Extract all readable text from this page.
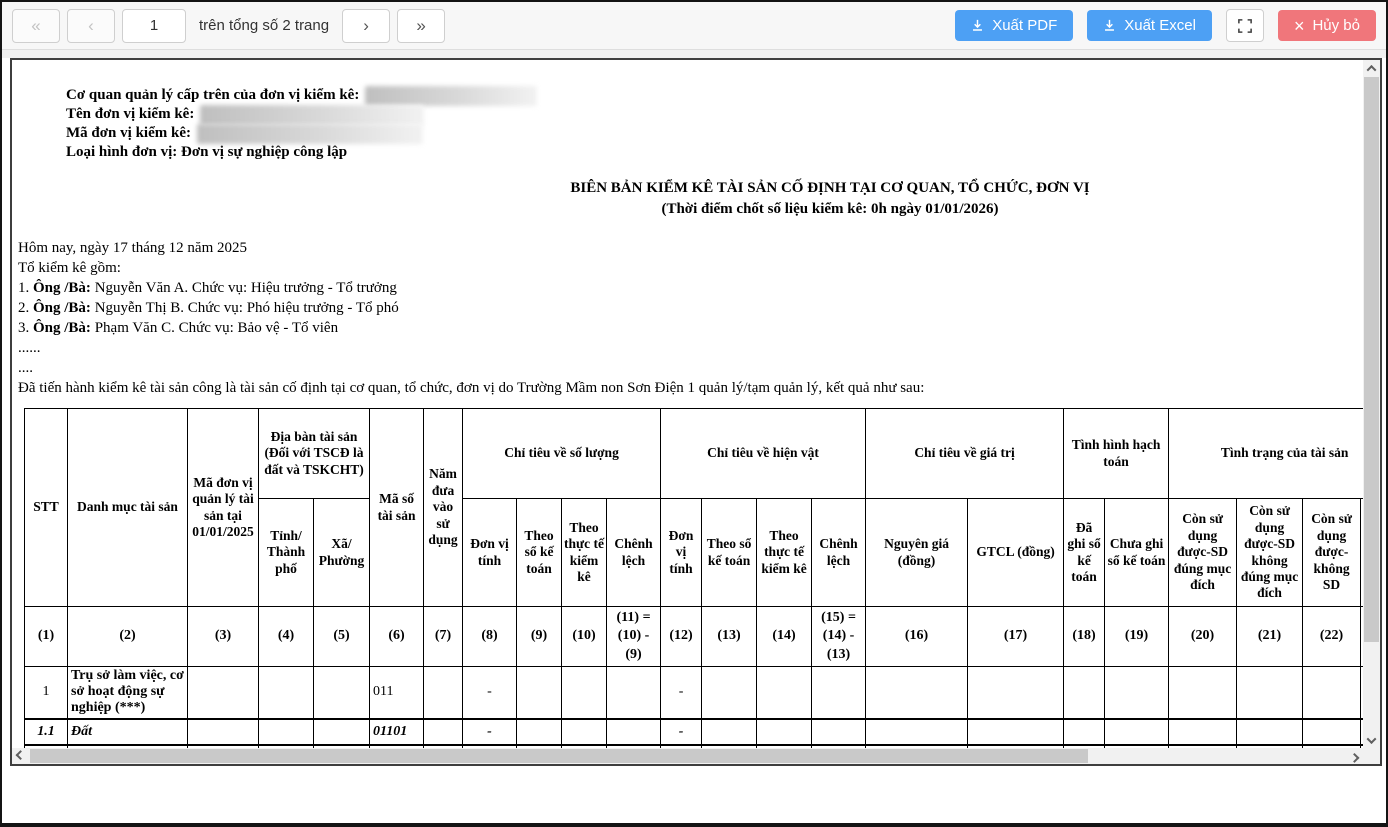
«	‹
1	trên tổng số 2 trang ›	»	Xuất PDF	Xuất Excel	× Hủy bỏ
Cơ quan quản lý cấp trên của đơn vị kiểm kê:
Tên đơn vị kiểm kê:
Mã đơn vị kiểm kê:
Loại hình đơn vị: Đơn vị sự nghiệp công lập
BIÊN BẢN KIỂM KÊ TÀI SẢN CỐ ĐỊNH TẠI CƠ QUAN, TỔ CHỨC, ĐƠN VỊ
(Thời điểm chốt số liệu kiểm kê: 0h ngày 01/01/2026)
Hôm nay, ngày 17 tháng 12 năm 2025
Tổ kiểm kê gồm:
1. Ông /Bà: Nguyễn Văn A. Chức vụ: Hiệu trưởng - Tổ trưởng
2. Ông /Bà: Nguyễn Thị B. Chức vụ: Phó hiệu trưởng - Tổ phó
3. Ông /Bà: Phạm Văn C. Chức vụ: Bảo vệ - Tổ viên
......
....
Đã tiến hành kiểm kê tài sản công là tài sản cố định tại cơ quan, tổ chức, đơn vị do Trường Mầm non Sơn Điện 1 quản lý/tạm quản lý, kết quả như sau:
STT	Danh mục tài sản	Mã đơn vị quản lý tài sản tại 01/01/2025	Địa bàn tài sản (Đối với TSCĐ là đất và TSKCHT)		Mã số tài sản	Năm đưa vào sử dụng	Chỉ tiêu về số lượng				Chỉ tiêu về hiện vật				Chỉ tiêu về giá trị		Tình hình hạch toán		Tình trạng của tài sản			
			Tỉnh/ Thành phố	Xã/ Phường			Đơn vị tính	Theo sổ kế toán	Theo thực tế kiểm kê	Chênh lệch	Đơn vị tính	Theo sổ kế toán	Theo thực tế kiểm kê	Chênh lệch	Nguyên giá (đồng)	GTCL (đồng)	Đã ghi sổ kế toán	Chưa ghi sổ kế toán	Còn sử dụng được-SD đúng mục đích	Còn sử dụng được-SD không đúng mục đích	Còn sử dụng được-không SD	
(1)	(2)	(3)	(4)	(5)	(6)	(7)	(8)	(9)	(10)	(11) = (10) - (9)	(12)	(13)	(14)	(15) = (14) - (13)	(16)	(17)	(18)	(19)	(20)	(21)	(22)	
1	Trụ sở làm việc, cơ sở hoạt động sự nghiệp (***)				011		-				-											
1.1	Đất				01101		-				-											
